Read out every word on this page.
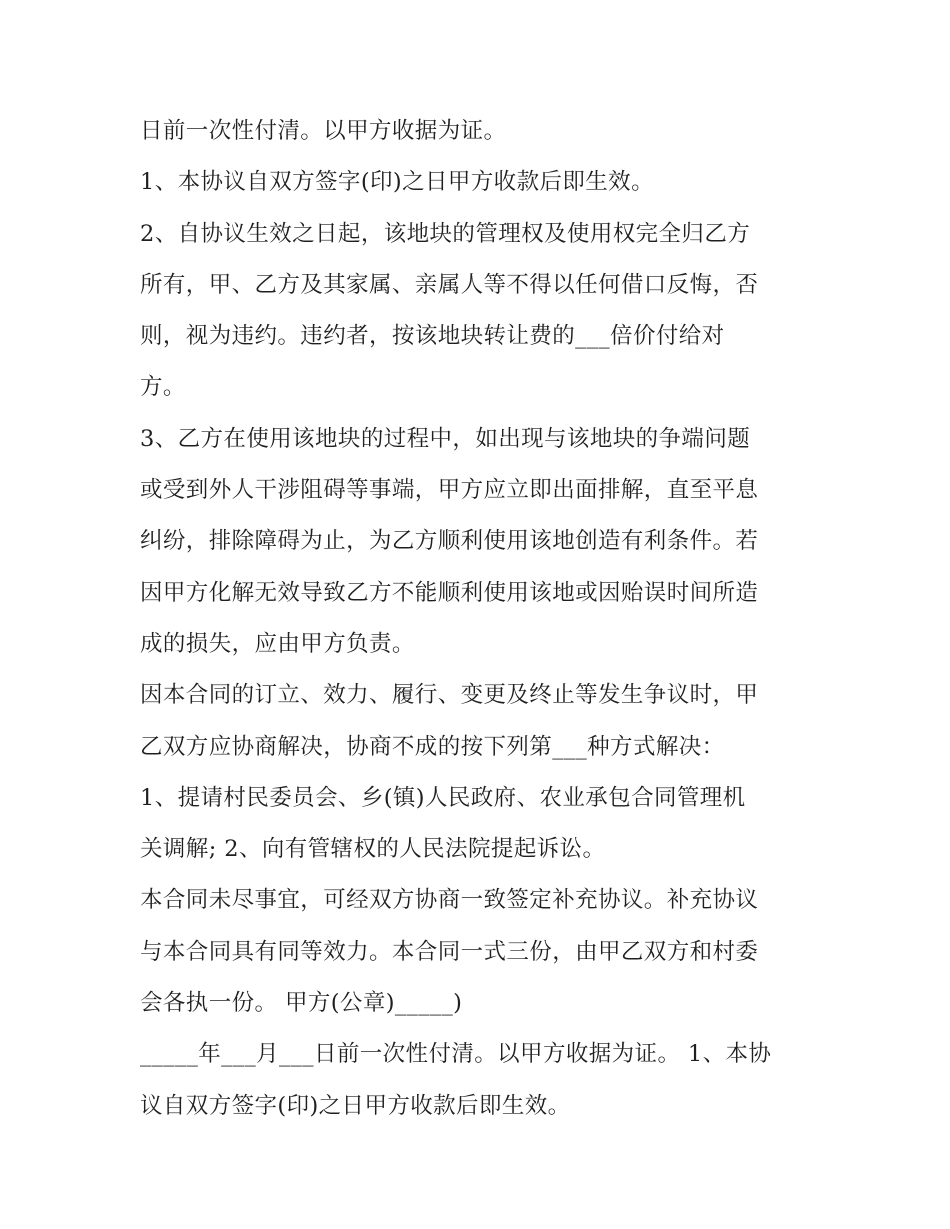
日前一次性付清。以甲方收据为证。
1、本协议自双方签字(印)之日甲方收款后即生效。
2、自协议生效之日起，该地块的管理权及使用权完全归乙方
所有，甲、乙方及其家属、亲属人等不得以任何借口反悔，否
则，视为违约。违约者，按该地块转让费的___倍价付给对
方。
3、乙方在使用该地块的过程中，如出现与该地块的争端问题
或受到外人干涉阻碍等事端，甲方应立即出面排解，直至平息
纠纷，排除障碍为止，为乙方顺利使用该地创造有利条件。若
因甲方化解无效导致乙方不能顺利使用该地或因贻误时间所造
成的损失，应由甲方负责。
因本合同的订立、效力、履行、变更及终止等发生争议时，甲
乙双方应协商解决，协商不成的按下列第___种方式解决：
1、提请村民委员会、乡(镇)人民政府、农业承包合同管理机
关调解; 2、向有管辖权的人民法院提起诉讼。
本合同未尽事宜，可经双方协商一致签定补充协议。补充协议
与本合同具有同等效力。本合同一式三份，由甲乙双方和村委
会各执一份。 甲方(公章)_____)
_____年___月___日前一次性付清。以甲方收据为证。 1、本协
议自双方签字(印)之日甲方收款后即生效。
